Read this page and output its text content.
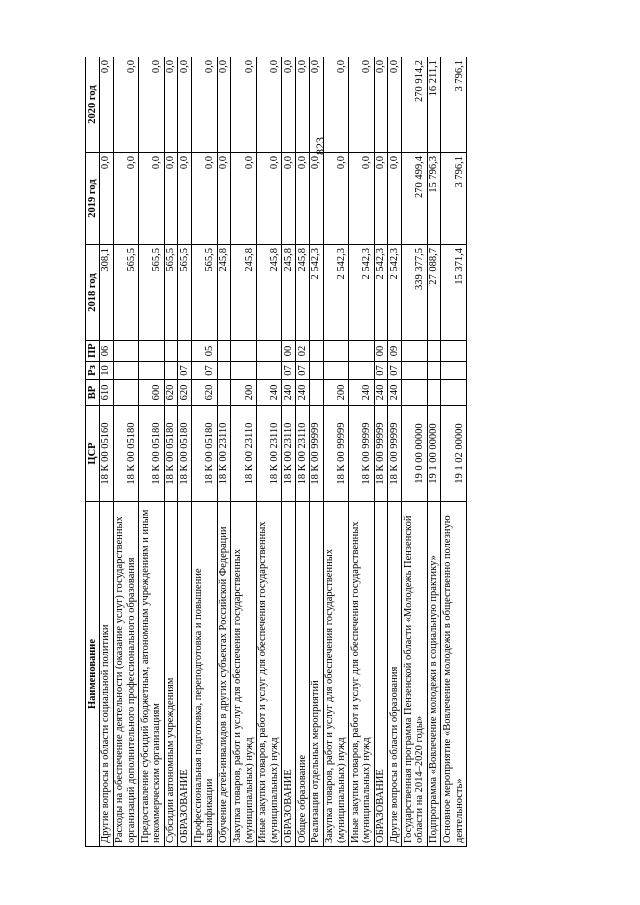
823
Наименование	ЦСР	ВР	Рз	ПР	2018 год	2019 год	2020 год
Другие вопросы в области социальной политики	18 К 00 05160	610	10	06	308,1	0,0	0,0
Расходы на обеспечение деятельности (оказание услуг) государственных организаций дополнительного профессионального образования	18 К 00 05180				565,5	0,0	0,0
Предоставление субсидий бюджетным, автономным учреждениям и иным некоммерческим организациям	18 К 00 05180	600			565,5	0,0	0,0
Субсидии автономным учреждениям	18 К 00 05180	620			565,5	0,0	0,0
ОБРАЗОВАНИЕ	18 К 00 05180	620	07		565,5	0,0	0,0
Профессиональная подготовка, переподготовка и повышение квалификации	18 К 00 05180	620	07	05	565,5	0,0	0,0
Обучение детей-инвалидов в других субъектах Российской Федерации	18 К 00 23110				245,8	0,0	0,0
Закупка товаров, работ и услуг для обеспечения государственных (муниципальных) нужд	18 К 00 23110	200			245,8	0,0	0,0
Иные закупки товаров, работ и услуг для обеспечения государственных (муниципальных) нужд	18 К 00 23110	240			245,8	0,0	0,0
ОБРАЗОВАНИЕ	18 К 00 23110	240	07	00	245,8	0,0	0,0
Общее образование	18 К 00 23110	240	07	02	245,8	0,0	0,0
Реализация отдельных мероприятий	18 К 00 99999				2 542,3	0,0	0,0
Закупка товаров, работ и услуг для обеспечения государственных (муниципальных) нужд	18 К 00 99999	200			2 542,3	0,0	0,0
Иные закупки товаров, работ и услуг для обеспечения государственных (муниципальных) нужд	18 К 00 99999	240			2 542,3	0,0	0,0
ОБРАЗОВАНИЕ	18 К 00 99999	240	07	00	2 542,3	0,0	0,0
Другие вопросы в области образования	18 К 00 99999	240	07	09	2 542,3	0,0	0,0
Государственная программа Пензенской области «Молодежь Пензенской области на 2014–2020 годы»	19 0 00 00000				339 377,5	270 499,4	270 914,2
Подпрограмма «Вовлечение молодежи в социальную практику»	19 1 00 00000				27 088,7	15 796,3	16 211,1
Основное мероприятие «Вовлечение молодежи в общественно полезную деятельность»	19 1 02 00000				15 371,4	3 796,1	3 796,1
